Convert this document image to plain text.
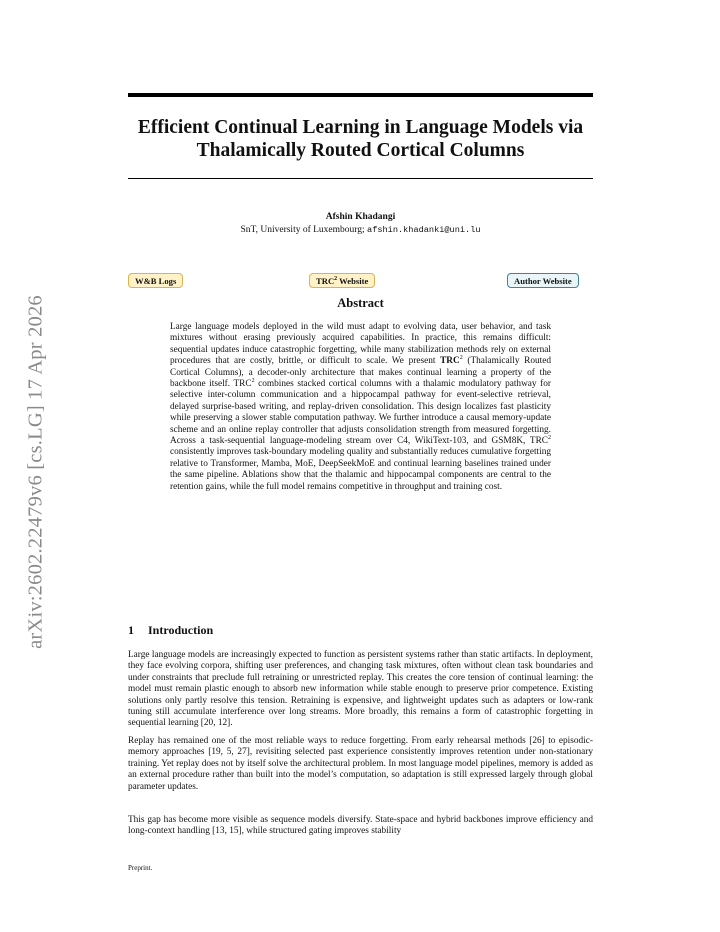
arXiv:2602.22479v6 [cs.LG] 17 Apr 2026
Efficient Continual Learning in Language Models via
Thalamically Routed Cortical Columns
Afshin Khadangi
SnT, University of Luxembourg; afshin.khadanki@uni.lu
W&B Logs	TRC$^2$ Website	Author Website
Abstract
Large language models deployed in the wild must adapt to evolving data, user behavior, and task mixtures without erasing previously acquired capabilities. In practice, this remains difficult: sequential updates induce catastrophic forgetting, while many stabilization methods rely on external procedures that are costly, brittle, or difficult to scale. We present TRC$^2$ (Thalamically Routed Cortical Columns), a decoder-only architecture that makes continual learning a property of the backbone itself. TRC$^2$ combines stacked cortical columns with a thalamic modulatory pathway for selective inter-column communication and a hippocampal pathway for event-selective retrieval, delayed surprise-based writing, and replay-driven consolidation. This design localizes fast plasticity while preserving a slower stable computation pathway. We further introduce a causal memory-update scheme and an online replay controller that adjusts consolidation strength from measured forgetting. Across a task-sequential language-modeling stream over C4, WikiText-103, and GSM8K, TRC$^2$ consistently improves task-boundary modeling quality and substantially reduces cumulative forgetting relative to Transformer, Mamba, MoE, DeepSeekMoE and continual learning baselines trained under the same pipeline. Ablations show that the thalamic and hippocampal components are central to the retention gains, while the full model remains competitive in throughput and training cost.
1 Introduction

Large language models are increasingly expected to function as persistent systems rather than static artifacts. In deployment, they face evolving corpora, shifting user preferences, and changing task mixtures, often without clean task boundaries and under constraints that preclude full retraining or unrestricted replay. This creates the core tension of continual learning: the model must remain plastic enough to absorb new information while stable enough to preserve prior competence. Existing solutions only partly resolve this tension. Retraining is expensive, and lightweight updates such as adapters or low-rank tuning still accumulate interference over long streams. More broadly, this remains a form of catastrophic forgetting in sequential learning [20, 12].

Replay has remained one of the most reliable ways to reduce forgetting. From early rehearsal methods [26] to episodic-memory approaches [19, 5, 27], revisiting selected past experience consistently improves retention under non-stationary training. Yet replay does not by itself solve the architectural problem. In most language model pipelines, memory is added as an external procedure rather than built into the model’s computation, so adaptation is still expressed largely through global parameter updates.

This gap has become more visible as sequence models diversify. State-space and hybrid backbones improve efficiency and long-context handling [13, 15], while structured gating improves stability

Preprint.
